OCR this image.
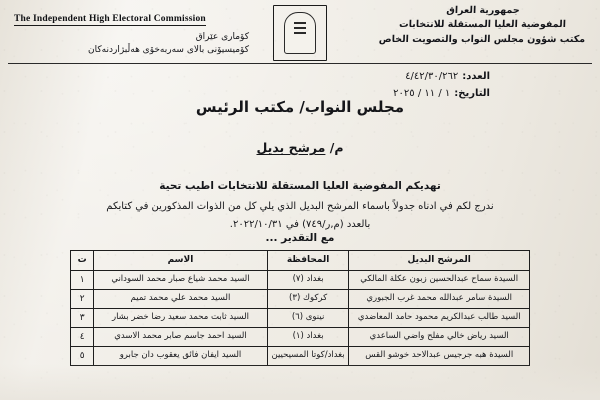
The Independent High Electoral Commission
كۆمارى عێراق
كۆميسيۆنى بالاى سەربەخۆى ھەڵبژاردنەكان
جمهورية العراق
المفوضية العليا المستقلة للانتخابات
مكتب شؤون مجلس النواب والتصويت الخاص
العدد:
٤/٤٢/٣٠/٢٦٢
التاريخ:
١ / ١١ / ٢٠٢٥
مجلس النواب/ مكتب الرئيس
م/ مرشح بديل
تهديكم المفوضية العليا المستقلة للانتخابات اطيب تحية
ندرج لكم في ادناه جدولاً باسماء المرشح البديل الذي يلي كل من الذوات المذكورين في كتابكم
بالعدد (م,ر/٧٤٩) في ٢٠٢٢/١٠/٣١.
مع التقدير ...
المرشح البديل	المحافظة	الاسم	ت
السيدة سماح عبدالحسين زبون عكلة المالكي	بغداد (٧)	السيد محمد شياع صبار محمد السوداني	١
السيدة سامر عبدالله محمد غرب الجبوري	كركوك (٣)	السيد محمد علي محمد تميم	٢
السيد طالب عبدالكريم محمود حامد المعاضدي	نينوى (٦)	السيد ثابت محمد سعيد رضا خضر بشار	٣
السيد رياض خالي مفلح واضي الساعدي	بغداد (١)	السيد احمد جاسم صابر محمد الاسدي	٤
السيدة هبه جرجيس عبدالاحد خوشو القس	بغداد/كوتا المسيحيين	السيد ايفان فائق يعقوب دان جابرو	٥
